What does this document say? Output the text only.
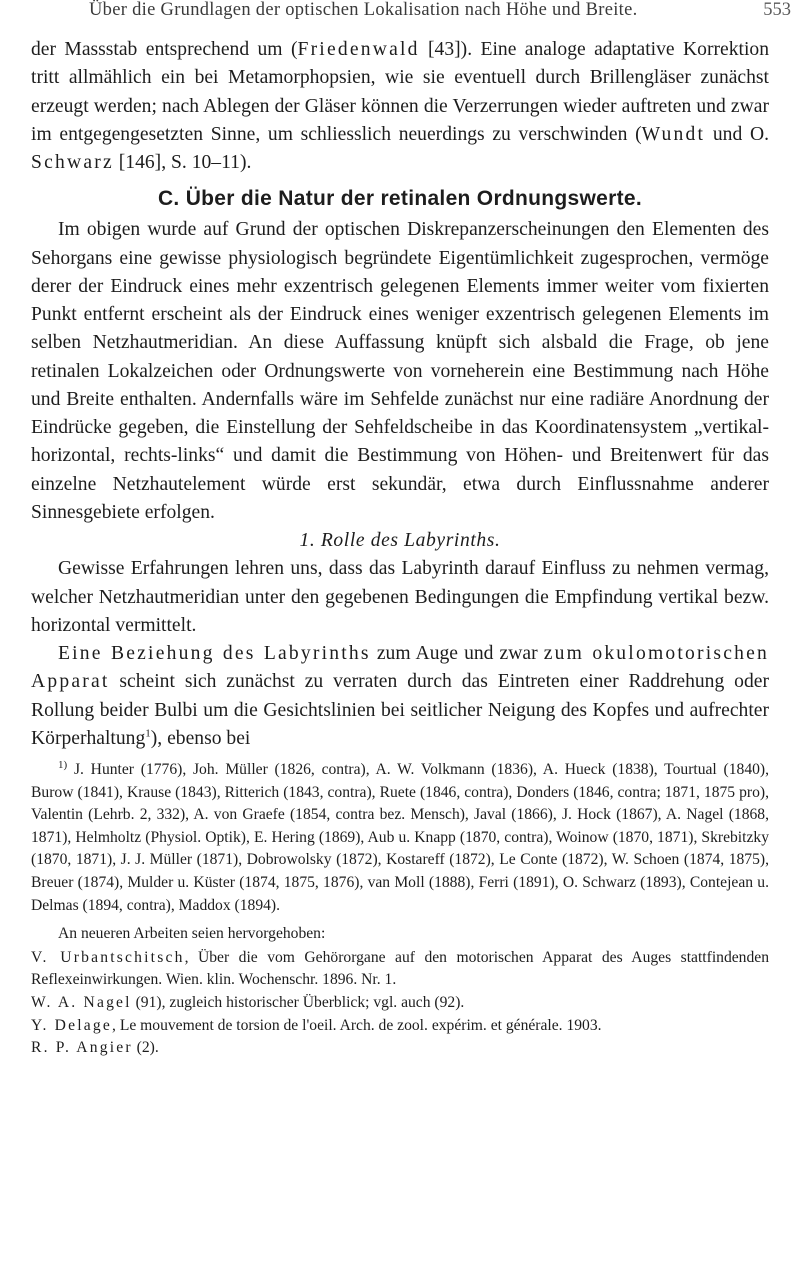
Über die Grundlagen der optischen Lokalisation nach Höhe und Breite.	553

der Massstab entsprechend um (Friedenwald [43]). Eine analoge adaptative Korrektion tritt allmählich ein bei Metamorphopsien, wie sie eventuell durch Brillengläser zunächst erzeugt werden; nach Ablegen der Gläser können die Verzerrungen wieder auftreten und zwar im entgegengesetzten Sinne, um schliesslich neuerdings zu verschwinden (Wundt und O. Schwarz [146], S. 10–11).

C. Über die Natur der retinalen Ordnungswerte.

Im obigen wurde auf Grund der optischen Diskrepanzerscheinungen den Elementen des Sehorgans eine gewisse physiologisch begründete Eigentümlichkeit zugesprochen, vermöge derer der Eindruck eines mehr exzentrisch gelegenen Elements immer weiter vom fixierten Punkt entfernt erscheint als der Eindruck eines weniger exzentrisch gelegenen Elements im selben Netzhautmeridian. An diese Auffassung knüpft sich alsbald die Frage, ob jene retinalen Lokalzeichen oder Ordnungswerte von vorneherein eine Bestimmung nach Höhe und Breite enthalten. Andernfalls wäre im Sehfelde zunächst nur eine radiäre Anordnung der Eindrücke gegeben, die Einstellung der Sehfeldscheibe in das Koordinatensystem „vertikal-horizontal, rechts-links“ und damit die Bestimmung von Höhen- und Breitenwert für das einzelne Netzhautelement würde erst sekundär, etwa durch Einflussnahme anderer Sinnesgebiete erfolgen.

1. Rolle des Labyrinths.

Gewisse Erfahrungen lehren uns, dass das Labyrinth darauf Einfluss zu nehmen vermag, welcher Netzhautmeridian unter den gegebenen Bedingungen die Empfindung vertikal bezw. horizontal vermittelt.

Eine Beziehung des Labyrinths zum Auge und zwar zum okulomotorischen Apparat scheint sich zunächst zu verraten durch das Eintreten einer Raddrehung oder Rollung beider Bulbi um die Gesichtslinien bei seitlicher Neigung des Kopfes und aufrechter Körperhaltung$^1$), ebenso bei

$^{1)}$ J. Hunter (1776), Joh. Müller (1826, contra), A. W. Volkmann (1836), A. Hueck (1838), Tourtual (1840), Burow (1841), Krause (1843), Ritterich (1843, contra), Ruete (1846, contra), Donders (1846, contra; 1871, 1875 pro), Valentin (Lehrb. 2, 332), A. von Graefe (1854, contra bez. Mensch), Javal (1866), J. Hock (1867), A. Nagel (1868, 1871), Helmholtz (Physiol. Optik), E. Hering (1869), Aub u. Knapp (1870, contra), Woinow (1870, 1871), Skrebitzky (1870, 1871), J. J. Müller (1871), Dobrowolsky (1872), Kostareff (1872), Le Conte (1872), W. Schoen (1874, 1875), Breuer (1874), Mulder u. Küster (1874, 1875, 1876), van Moll (1888), Ferri (1891), O. Schwarz (1893), Contejean u. Delmas (1894, contra), Maddox (1894).

An neueren Arbeiten seien hervorgehoben:

V. Urbantschitsch, Über die vom Gehörorgane auf den motorischen Apparat des Auges stattfindenden Reflexeinwirkungen. Wien. klin. Wochenschr. 1896. Nr. 1.

W. A. Nagel (91), zugleich historischer Überblick; vgl. auch (92).

Y. Delage, Le mouvement de torsion de l'oeil. Arch. de zool. expérim. et générale. 1903.

R. P. Angier (2).
